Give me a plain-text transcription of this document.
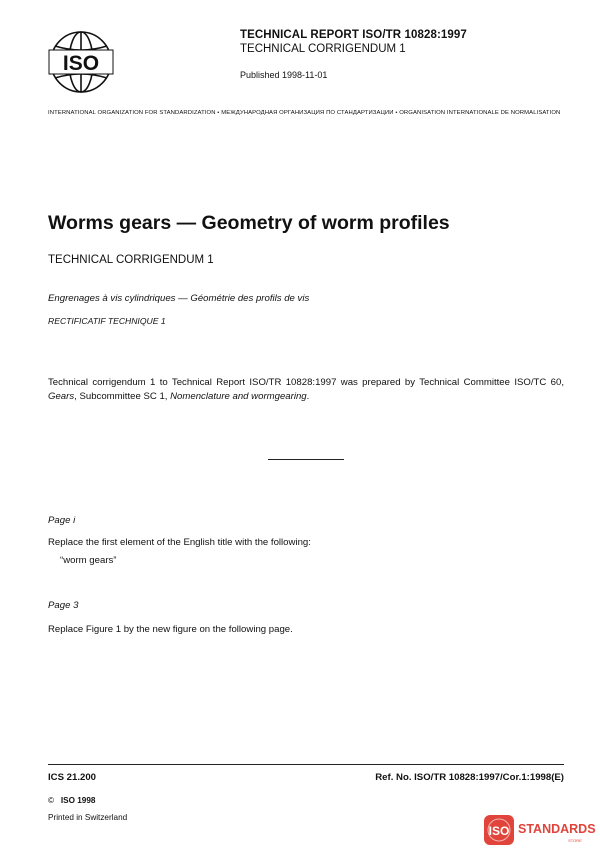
ISO
TECHNICAL REPORT ISO/TR 10828:1997
TECHNICAL CORRIGENDUM 1
Published 1998-11-01
INTERNATIONAL ORGANIZATION FOR STANDARDIZATION • МЕЖДУНАРОДНАЯ ОРГАНИЗАЦИЯ ПО СТАНДАРТИЗАЦИИ • ORGANISATION INTERNATIONALE DE NORMALISATION
Worms gears — Geometry of worm profiles
TECHNICAL CORRIGENDUM 1
Engrenages à vis cylindriques — Géométrie des profils de vis
RECTIFICATIF TECHNIQUE 1
Technical corrigendum 1 to Technical Report ISO/TR 10828:1997 was prepared by Technical Committee ISO/TC 60, Gears, Subcommittee SC 1, Nomenclature and wormgearing.
Page i
Replace the first element of the English title with the following:
“worm gears”
Page 3
Replace Figure 1 by the new figure on the following page.
ICS 21.200	Ref. No. ISO/TR 10828:1997/Cor.1:1998(E)
© ISO 1998
Printed in Switzerland
ISO STANDARDS
STORE
